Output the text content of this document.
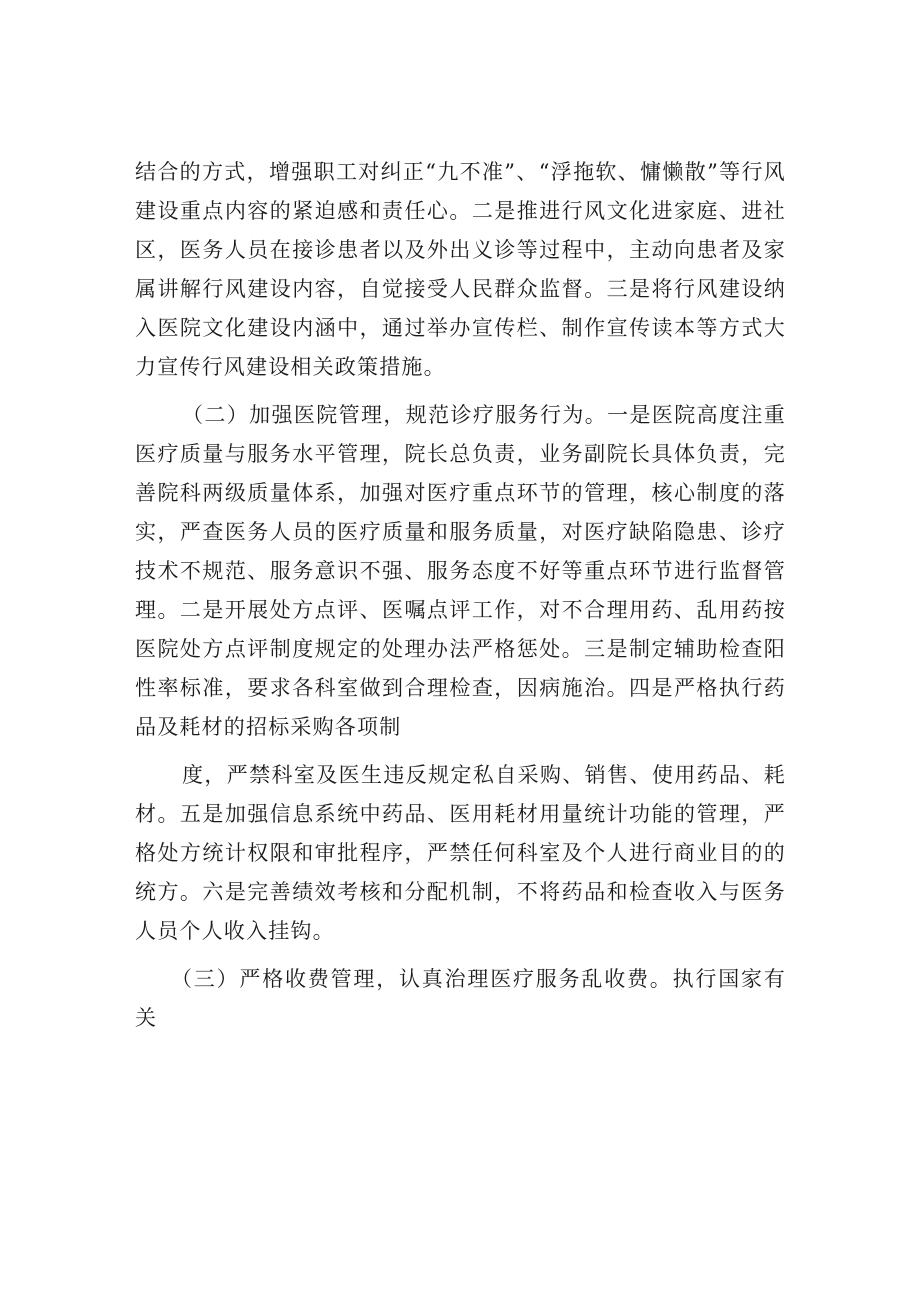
结合的方式，增强职工对纠正“九不准”、“浮拖软、慵懒散”等行风建设重点内容的紧迫感和责任心。二是推进行风文化进家庭、进社区，医务人员在接诊患者以及外出义诊等过程中，主动向患者及家属讲解行风建设内容，自觉接受人民群众监督。三是将行风建设纳入医院文化建设内涵中，通过举办宣传栏、制作宣传读本等方式大力宣传行风建设相关政策措施。

（二）加强医院管理，规范诊疗服务行为。一是医院高度注重医疗质量与服务水平管理，院长总负责，业务副院长具体负责，完善院科两级质量体系，加强对医疗重点环节的管理，核心制度的落实，严查医务人员的医疗质量和服务质量，对医疗缺陷隐患、诊疗技术不规范、服务意识不强、服务态度不好等重点环节进行监督管理。二是开展处方点评、医嘱点评工作，对不合理用药、乱用药按医院处方点评制度规定的处理办法严格惩处。三是制定辅助检查阳性率标准，要求各科室做到合理检查，因病施治。四是严格执行药品及耗材的招标采购各项制

度，严禁科室及医生违反规定私自采购、销售、使用药品、耗材。五是加强信息系统中药品、医用耗材用量统计功能的管理，严格处方统计权限和审批程序，严禁任何科室及个人进行商业目的的统方。六是完善绩效考核和分配机制，不将药品和检查收入与医务人员个人收入挂钩。

（三）严格收费管理，认真治理医疗服务乱收费。执行国家有关
